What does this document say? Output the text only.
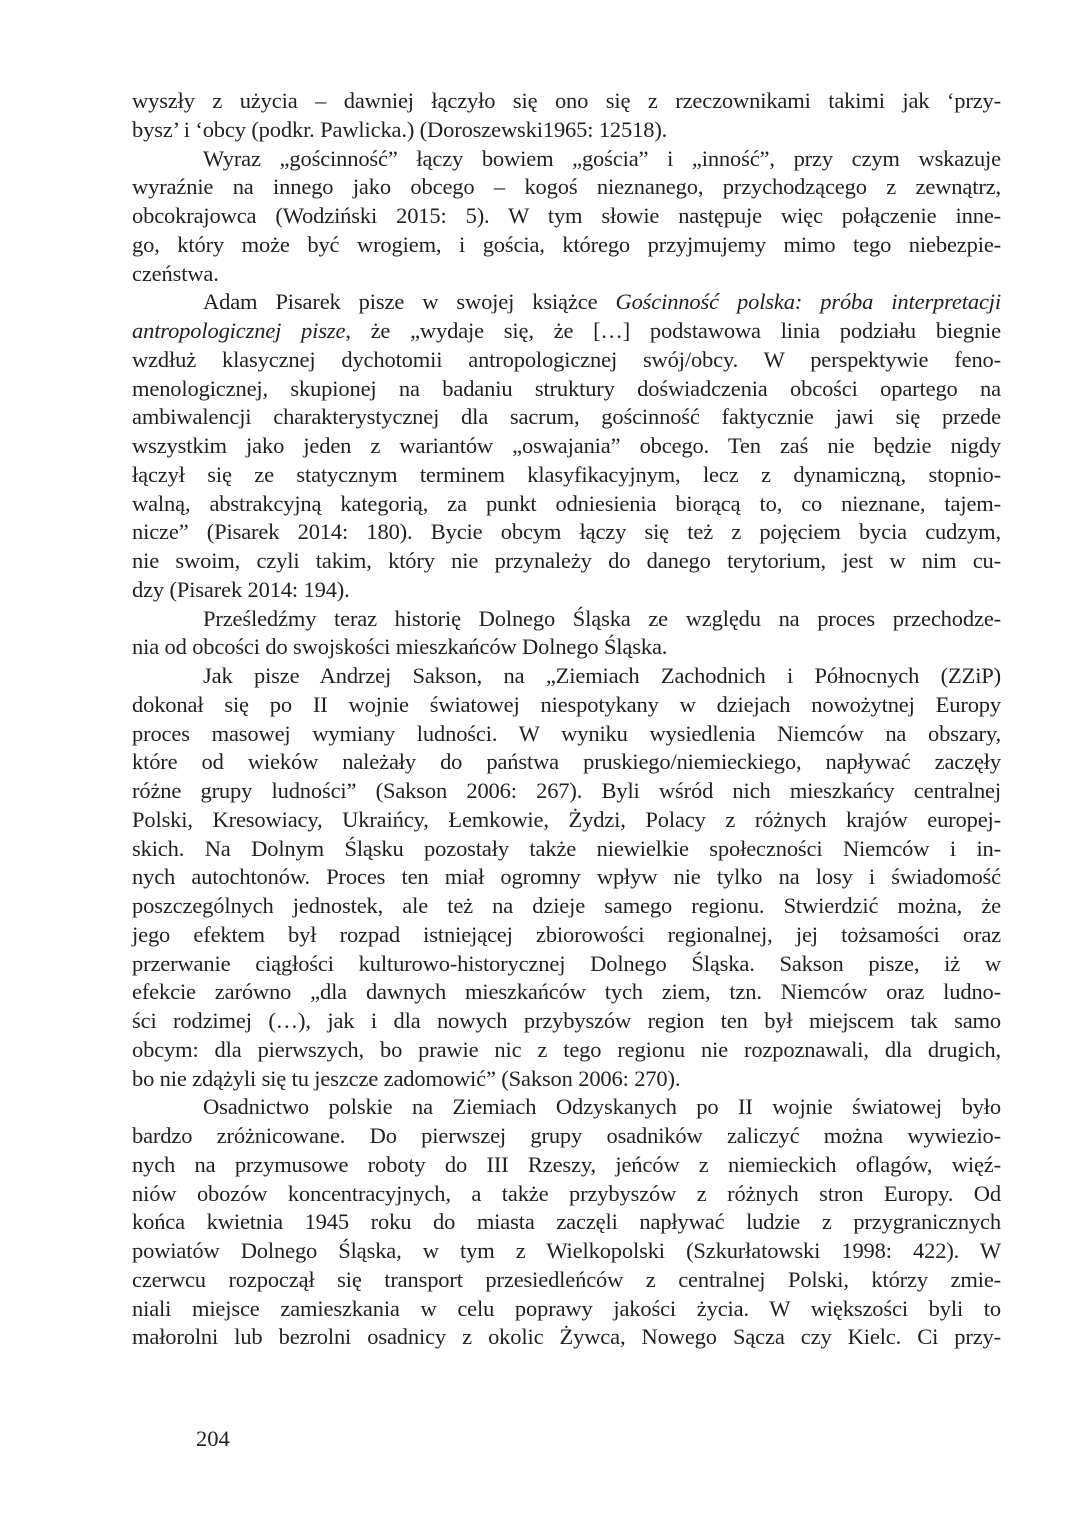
wyszły z użycia – dawniej łączyło się ono się z rzeczownikami takimi jak ‘przy-
bysz’ i ‘obcy (podkr. Pawlicka.) (Doroszewski1965: 12518).
Wyraz „gościnność” łączy bowiem „gościa” i „inność”, przy czym wskazuje
wyraźnie na innego jako obcego – kogoś nieznanego, przychodzącego z zewnątrz,
obcokrajowca (Wodziński 2015: 5). W tym słowie następuje więc połączenie inne-
go, który może być wrogiem, i gościa, którego przyjmujemy mimo tego niebezpie-
czeństwa.
Adam Pisarek pisze w swojej książce Gościnność polska: próba interpretacji
antropologicznej pisze, że „wydaje się, że […] podstawowa linia podziału biegnie
wzdłuż klasycznej dychotomii antropologicznej swój/obcy. W perspektywie feno-
menologicznej, skupionej na badaniu struktury doświadczenia obcości opartego na
ambiwalencji charakterystycznej dla sacrum, gościnność faktycznie jawi się przede
wszystkim jako jeden z wariantów „oswajania” obcego. Ten zaś nie będzie nigdy
łączył się ze statycznym terminem klasyfikacyjnym, lecz z dynamiczną, stopnio-
walną, abstrakcyjną kategorią, za punkt odniesienia biorącą to, co nieznane, tajem-
nicze” (Pisarek 2014: 180). Bycie obcym łączy się też z pojęciem bycia cudzym,
nie swoim, czyli takim, który nie przynależy do danego terytorium, jest w nim cu-
dzy (Pisarek 2014: 194).
Prześledźmy teraz historię Dolnego Śląska ze względu na proces przechodze-
nia od obcości do swojskości mieszkańców Dolnego Śląska.
Jak pisze Andrzej Sakson, na „Ziemiach Zachodnich i Północnych (ZZiP)
dokonał się po II wojnie światowej niespotykany w dziejach nowożytnej Europy
proces masowej wymiany ludności. W wyniku wysiedlenia Niemców na obszary,
które od wieków należały do państwa pruskiego/niemieckiego, napływać zaczęły
różne grupy ludności” (Sakson 2006: 267). Byli wśród nich mieszkańcy centralnej
Polski, Kresowiacy, Ukraińcy, Łemkowie, Żydzi, Polacy z różnych krajów europej-
skich. Na Dolnym Śląsku pozostały także niewielkie społeczności Niemców i in-
nych autochtonów. Proces ten miał ogromny wpływ nie tylko na losy i świadomość
poszczególnych jednostek, ale też na dzieje samego regionu. Stwierdzić można, że
jego efektem był rozpad istniejącej zbiorowości regionalnej, jej tożsamości oraz
przerwanie ciągłości kulturowo-historycznej Dolnego Śląska. Sakson pisze, iż w
efekcie zarówno „dla dawnych mieszkańców tych ziem, tzn. Niemców oraz ludno-
ści rodzimej (…), jak i dla nowych przybyszów region ten był miejscem tak samo
obcym: dla pierwszych, bo prawie nic z tego regionu nie rozpoznawali, dla drugich,
bo nie zdążyli się tu jeszcze zadomowić” (Sakson 2006: 270).
Osadnictwo polskie na Ziemiach Odzyskanych po II wojnie światowej było
bardzo zróżnicowane. Do pierwszej grupy osadników zaliczyć można wywiezio-
nych na przymusowe roboty do III Rzeszy, jeńców z niemieckich oflagów, więź-
niów obozów koncentracyjnych, a także przybyszów z różnych stron Europy. Od
końca kwietnia 1945 roku do miasta zaczęli napływać ludzie z przygranicznych
powiatów Dolnego Śląska, w tym z Wielkopolski (Szkurłatowski 1998: 422). W
czerwcu rozpoczął się transport przesiedleńców z centralnej Polski, którzy zmie-
niali miejsce zamieszkania w celu poprawy jakości życia. W większości byli to
małorolni lub bezrolni osadnicy z okolic Żywca, Nowego Sącza czy Kielc. Ci przy-
204
